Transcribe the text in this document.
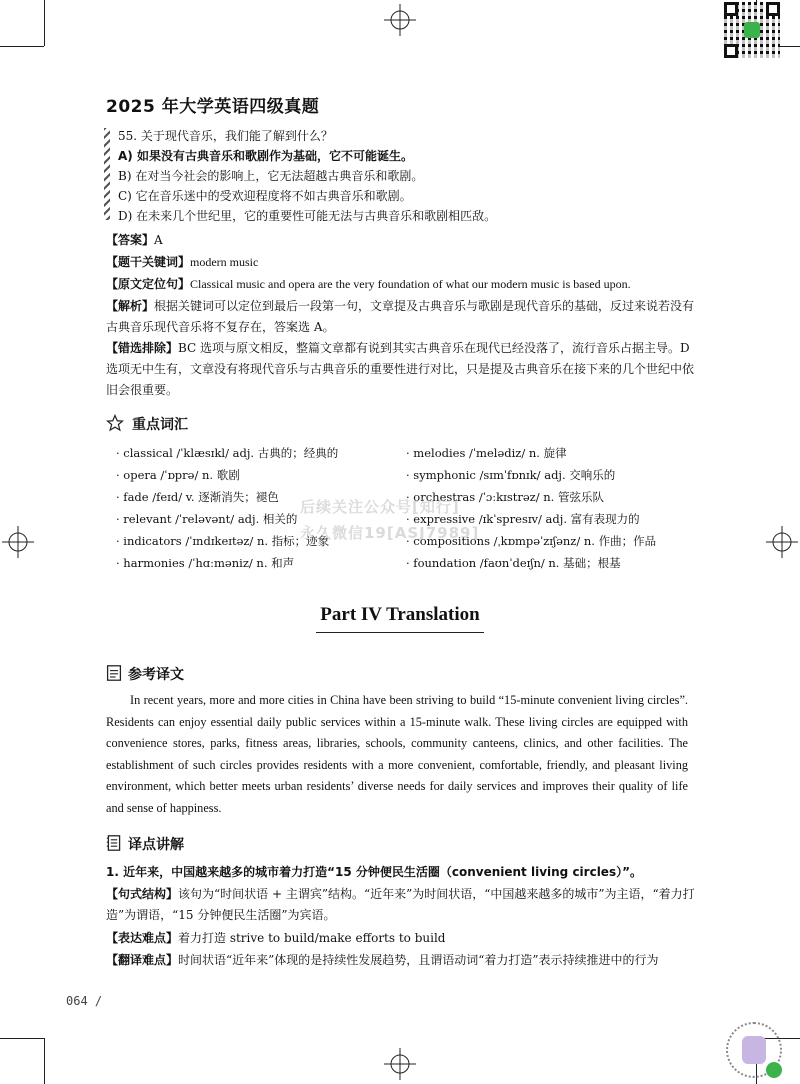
2025 年大学英语四级真题
55. 关于现代音乐，我们能了解到什么？
A) 如果没有古典音乐和歌剧作为基础，它不可能诞生。
B) 在对当今社会的影响上，它无法超越古典音乐和歌剧。
C) 它在音乐迷中的受欢迎程度将不如古典音乐和歌剧。
D) 在未来几个世纪里，它的重要性可能无法与古典音乐和歌剧相匹敌。
【答案】A
【题干关键词】modern music
【原文定位句】Classical music and opera are the very foundation of what our modern music is based upon.
【解析】根据关键词可以定位到最后一段第一句，文章提及古典音乐与歌剧是现代音乐的基础，反过来说若没有古典音乐现代音乐将不复存在，答案选 A。
【错选排除】BC 选项与原文相反，整篇文章都有说到其实古典音乐在现代已经没落了，流行音乐占据主导。D 选项无中生有，文章没有将现代音乐与古典音乐的重要性进行对比，只是提及古典音乐在接下来的几个世纪中依旧会很重要。
重点词汇
· classical /ˈklæsɪkl/ adj. 古典的；经典的
· opera /ˈɒprə/ n. 歌剧
· fade /feɪd/ v. 逐渐消失；褪色
· relevant /ˈreləvənt/ adj. 相关的
· indicators /ˈɪndɪkeɪtəz/ n. 指标；迹象
· harmonies /ˈhɑːməniz/ n. 和声
· melodies /ˈmelədiz/ n. 旋律
· symphonic /sɪmˈfɒnɪk/ adj. 交响乐的
· orchestras /ˈɔːkɪstrəz/ n. 管弦乐队
· expressive /ɪkˈspresɪv/ adj. 富有表现力的
· compositions /ˌkɒmpəˈzɪʃənz/ n. 作曲；作品
· foundation /faʊnˈdeɪʃn/ n. 基础；根基
后续关注公众号[知行]
永久微信19[ASJ7989]
Part IV Translation
参考译文
In recent years, more and more cities in China have been striving to build “15-minute convenient living circles”. Residents can enjoy essential daily public services within a 15-minute walk. These living circles are equipped with convenience stores, parks, fitness areas, libraries, schools, community canteens, clinics, and other facilities. The establishment of such circles provides residents with a more convenient, comfortable, friendly, and pleasant living environment, which better meets urban residents’ diverse needs for daily services and improves their quality of life and sense of happiness.
译点讲解
1. 近年来，中国越来越多的城市着力打造“15 分钟便民生活圈（convenient living circles）”。
【句式结构】该句为“时间状语 + 主谓宾”结构。“近年来”为时间状语，“中国越来越多的城市”为主语，“着力打造”为谓语，“15 分钟便民生活圈”为宾语。
【表达难点】着力打造 strive to build/make efforts to build
【翻译难点】时间状语“近年来”体现的是持续性发展趋势，且谓语动词“着力打造”表示持续推进中的行为
064 /
